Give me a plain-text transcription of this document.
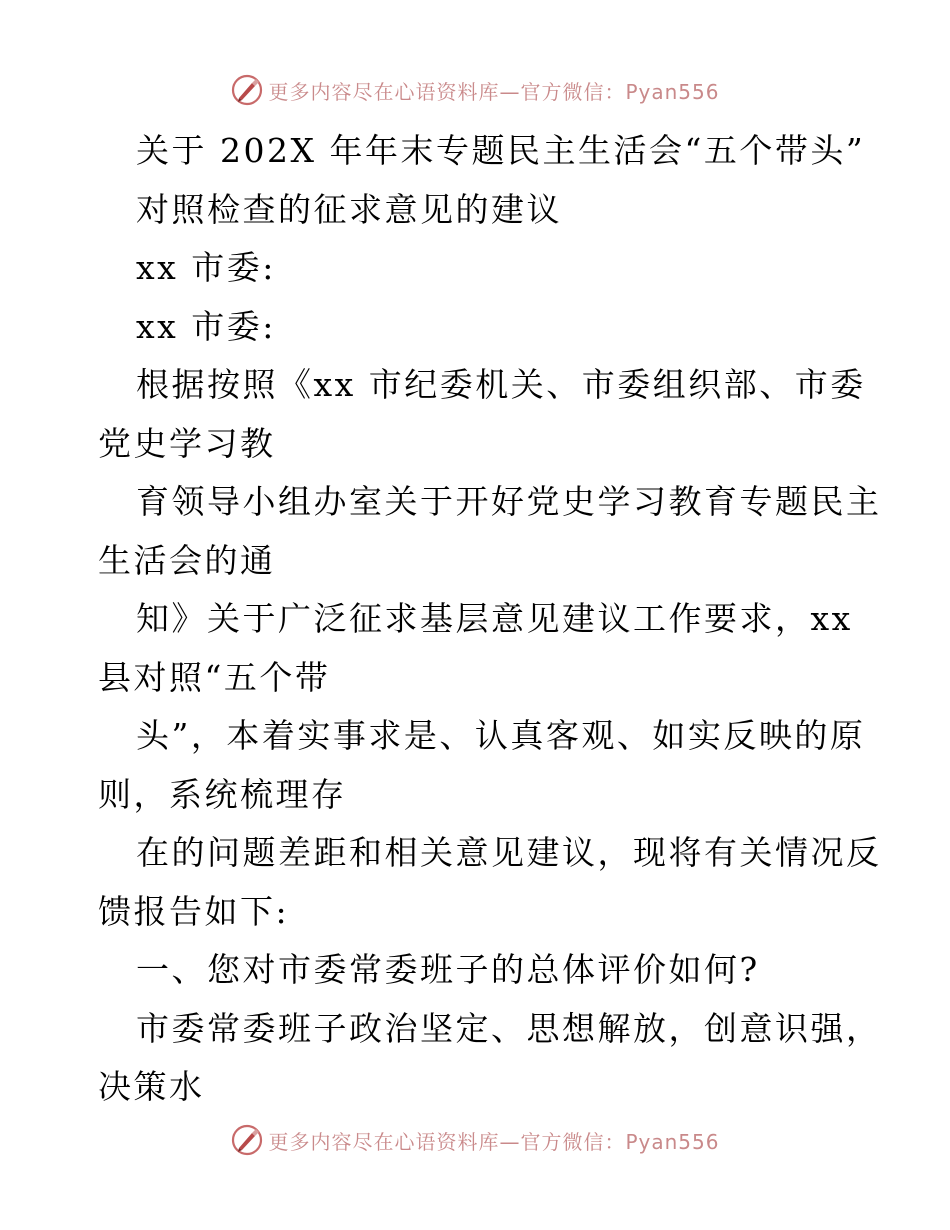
更多内容尽在心语资料库—官方微信：Pyan556
关于 202X 年年末专题民主生活会“五个带头”
对照检查的征求意见的建议
xx 市委:
xx 市委:
根据按照《xx 市纪委机关、市委组织部、市委
党史学习教
育领导小组办室关于开好党史学习教育专题民主
生活会的通
知》关于广泛征求基层意见建议工作要求，xx
县对照“五个带
头”，本着实事求是、认真客观、如实反映的原
则，系统梳理存
在的问题差距和相关意见建议，现将有关情况反
馈报告如下:
一、您对市委常委班子的总体评价如何?
市委常委班子政治坚定、思想解放，创意识强，
决策水
更多内容尽在心语资料库—官方微信：Pyan556
